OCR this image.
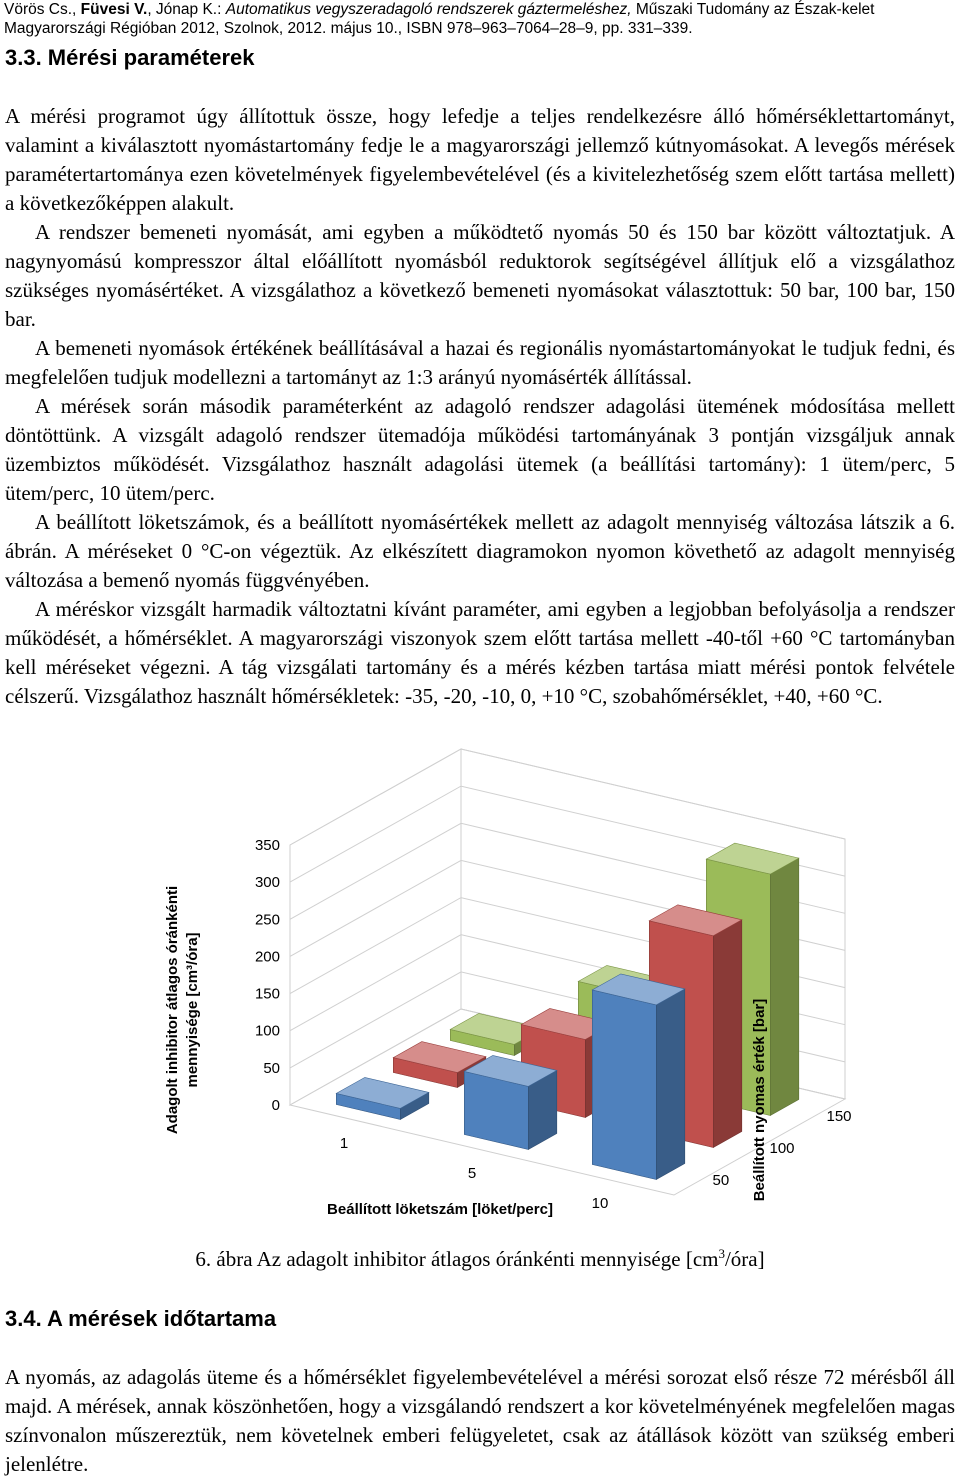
Vörös Cs., Füvesi V., Jónap K.: Automatikus vegyszeradagoló rendszerek gáztermeléshez, Műszaki Tudomány az Észak-kelet Magyarországi Régióban 2012, Szolnok, 2012. május 10., ISBN 978–963–7064–28–9, pp. 331–339.
3.3. Mérési paraméterek

A mérési programot úgy állítottuk össze, hogy lefedje a teljes rendelkezésre álló hőmérséklettartományt, valamint a kiválasztott nyomástartomány fedje le a magyarországi jellemző kútnyomásokat. A levegős mérések paramétertartománya ezen követelmények figyelembevételével (és a kivitelezhetőség szem előtt tartása mellett) a következőképpen alakult.

A rendszer bemeneti nyomását, ami egyben a működtető nyomás 50 és 150 bar között változtatjuk. A nagynyomású kompresszor által előállított nyomásból reduktorok segítségével állítjuk elő a vizsgálathoz szükséges nyomásértéket. A vizsgálathoz a következő bemeneti nyomásokat választottuk: 50 bar, 100 bar, 150 bar.

A bemeneti nyomások értékének beállításával a hazai és regionális nyomástartományokat le tudjuk fedni, és megfelelően tudjuk modellezni a tartományt az 1:3 arányú nyomásérték állítással.

A mérések során második paraméterként az adagoló rendszer adagolási ütemének módosítása mellett döntöttünk. A vizsgált adagoló rendszer ütemadója működési tartományának 3 pontján vizsgáljuk annak üzembiztos működését. Vizsgálathoz használt adagolási ütemek (a beállítási tartomány): 1 ütem/perc, 5 ütem/perc, 10 ütem/perc.

A beállított löketszámok, és a beállított nyomásértékek mellett az adagolt mennyiség változása látszik a 6. ábrán. A méréseket 0 °C-on végeztük. Az elkészített diagramokon nyomon követhető az adagolt mennyiség változása a bemenő nyomás függvényében.

A méréskor vizsgált harmadik változtatni kívánt paraméter, ami egyben a legjobban befolyásolja a rendszer működését, a hőmérséklet. A magyarországi viszonyok szem előtt tartása mellett -40-től +60 °C tartományban kell méréseket végezni. A tág vizsgálati tartomány és a mérés kézben tartása miatt mérési pontok felvétele célszerű. Vizsgálathoz használt hőmérsékletek: -35, -20, -10, 0, +10 °C, szobahőmérséklet, +40, +60 °C.

0
50
100
150
200
250
300
350
1
5
10
50
100
150
Beállított löketszám [löket/perc]
Adagolt inhibitor átlagos óránkénti mennyisége [cm³/óra]	Beállított nyomas érték [bar]
6. ábra Az adagolt inhibitor átlagos óránkénti mennyisége $[cm^3/óra]$
3.4. A mérések időtartama

A nyomás, az adagolás üteme és a hőmérséklet figyelembevételével a mérési sorozat első része 72 mérésből áll majd. A mérések, annak köszönhetően, hogy a vizsgálandó rendszert a kor követelményének megfelelően magas színvonalon műszereztük, nem követelnek emberi felügyeletet, csak az átállások között van szükség emberi jelenlétre.
